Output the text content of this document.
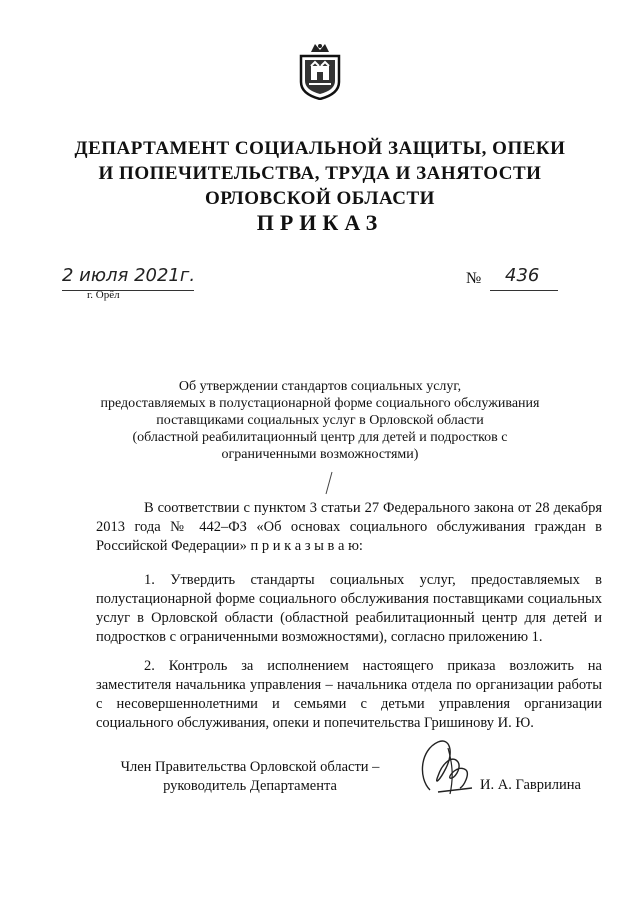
ДЕПАРТАМЕНТ СОЦИАЛЬНОЙ ЗАЩИТЫ, ОПЕКИ
И ПОПЕЧИТЕЛЬСТВА, ТРУДА И ЗАНЯТОСТИ
ОРЛОВСКОЙ ОБЛАСТИ
ПРИКАЗ
2 июля 2021г.
г. Орёл
№ 436
Об утверждении стандартов социальных услуг,
предоставляемых в полустационарной форме социального обслуживания
поставщиками социальных услуг в Орловской области
(областной реабилитационный центр для детей и подростков с
ограниченными возможностями)
В соответствии с пунктом 3 статьи 27 Федерального закона от 28 декабря 2013 года № 442–ФЗ «Об основах социального обслуживания граждан в Российской Федерации» п р и к а з ы в а ю:
1. Утвердить стандарты социальных услуг, предоставляемых в полустационарной форме социального обслуживания поставщиками социальных услуг в Орловской области (областной реабилитационный центр для детей и подростков с ограниченными возможностями), согласно приложению 1.
2. Контроль за исполнением настоящего приказа возложить на заместителя начальника управления – начальника отдела по организации работы с несовершеннолетними и семьями с детьми управления организации социального обслуживания, опеки и попечительства Гришинову И. Ю.
Член Правительства Орловской области –
руководитель Департамента	И. А. Гаврилина
